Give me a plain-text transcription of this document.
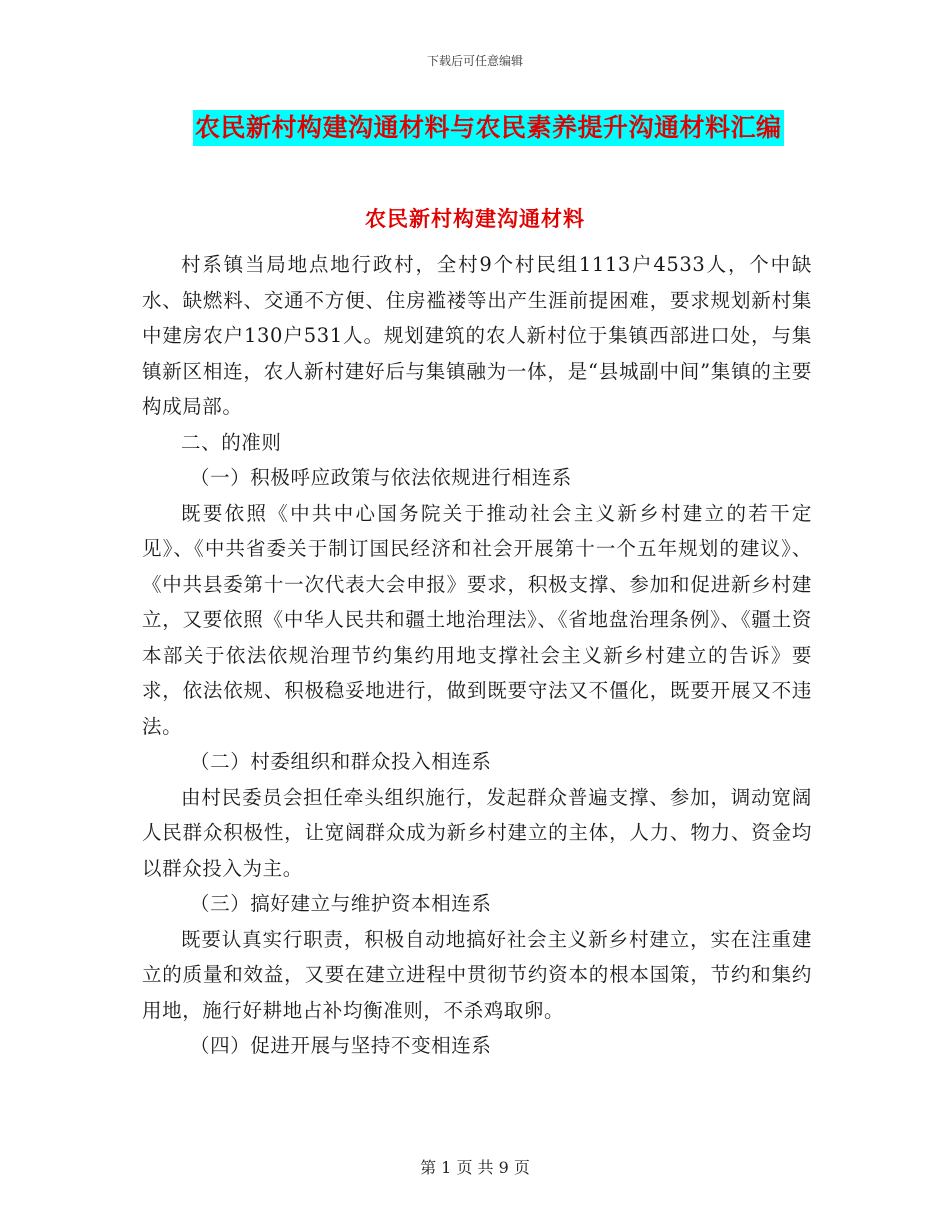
下载后可任意编辑
农民新村构建沟通材料与农民素养提升沟通材料汇编
农民新村构建沟通材料

村系镇当局地点地行政村，全村9个村民组1113户4533人，个中缺水、缺燃料、交通不方便、住房褴褛等出产生涯前提困难，要求规划新村集中建房农户130户531人。规划建筑的农人新村位于集镇西部进口处，与集镇新区相连，农人新村建好后与集镇融为一体，是“县城副中间”集镇的主要构成局部。

二、的准则

（一）积极呼应政策与依法依规进行相连系

既要依照《中共中心国务院关于推动社会主义新乡村建立的若干定见》、《中共省委关于制订国民经济和社会开展第十一个五年规划的建议》、《中共县委第十一次代表大会申报》要求，积极支撑、参加和促进新乡村建立，又要依照《中华人民共和疆土地治理法》、《省地盘治理条例》、《疆土资本部关于依法依规治理节约集约用地支撑社会主义新乡村建立的告诉》要求，依法依规、积极稳妥地进行，做到既要守法又不僵化，既要开展又不违法。

（二）村委组织和群众投入相连系

由村民委员会担任牵头组织施行，发起群众普遍支撑、参加，调动宽阔人民群众积极性，让宽阔群众成为新乡村建立的主体，人力、物力、资金均以群众投入为主。

（三）搞好建立与维护资本相连系

既要认真实行职责，积极自动地搞好社会主义新乡村建立，实在注重建立的质量和效益，又要在建立进程中贯彻节约资本的根本国策，节约和集约用地，施行好耕地占补均衡准则，不杀鸡取卵。

（四）促进开展与坚持不变相连系

第 1 页 共 9 页
